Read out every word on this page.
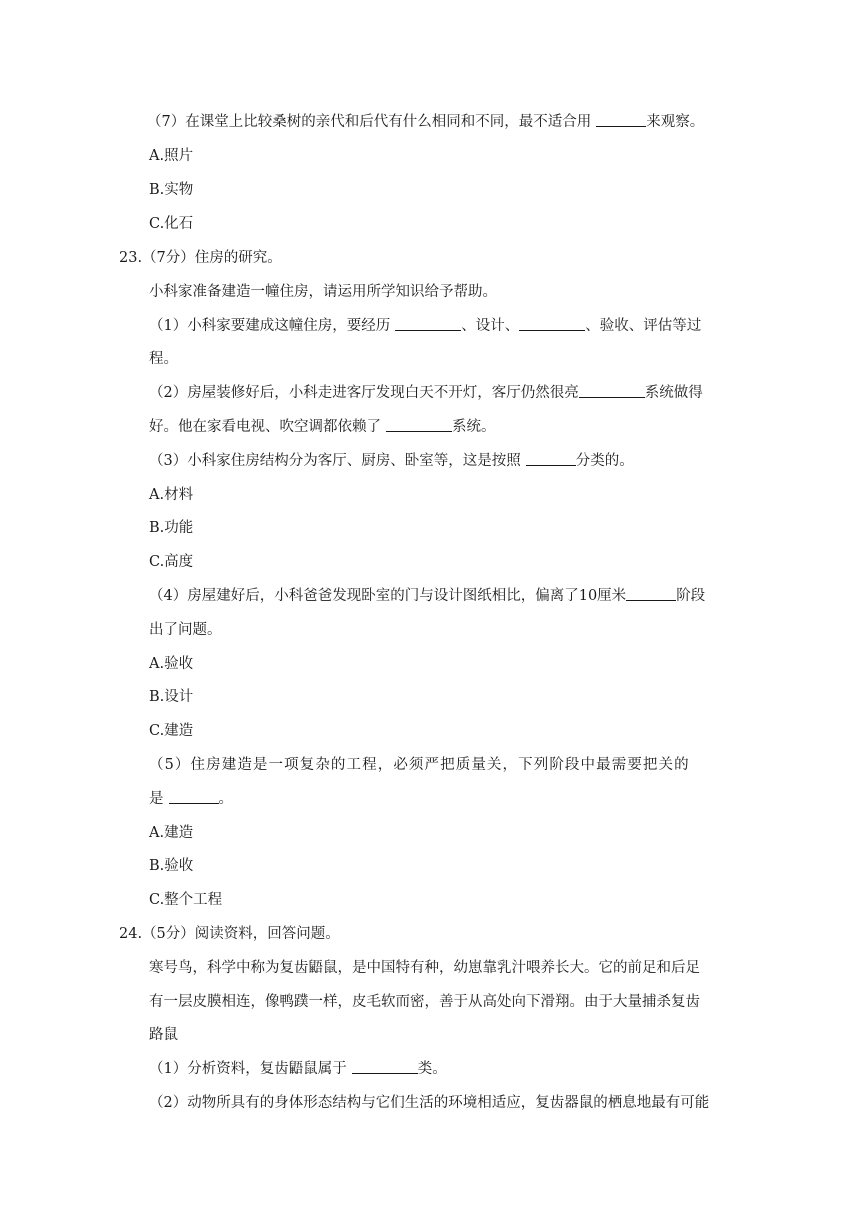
（7）在课堂上比较桑树的亲代和后代有什么相同和不同，最不适合用	来观察。
A.照片
B.实物
C.化石
23.（7分）住房的研究。
小科家准备建造一幢住房，请运用所学知识给予帮助。
（1）小科家要建成这幢住房，要经历	、设计、	、验收、评估等过
程。
（2）房屋装修好后，小科走进客厅发现白天不开灯，客厅仍然很亮	系统做得
好。他在家看电视、吹空调都依赖了	系统。
（3）小科家住房结构分为客厅、厨房、卧室等，这是按照	分类的。
A.材料
B.功能
C.高度
（4）房屋建好后，小科爸爸发现卧室的门与设计图纸相比，偏离了10厘米	阶段
出了问题。
A.验收
B.设计
C.建造
（5）住房建造是一项复杂的工程，必须严把质量关，下列阶段中最需要把关的
是	。
A.建造
B.验收
C.整个工程
24.（5分）阅读资料，回答问题。
寒号鸟，科学中称为复齿鼯鼠，是中国特有种，幼崽靠乳汁喂养长大。它的前足和后足
有一层皮膜相连，像鸭蹼一样，皮毛软而密，善于从高处向下滑翔。由于大量捕杀复齿
路鼠
（1）分析资料，复齿鼯鼠属于	类。
（2）动物所具有的身体形态结构与它们生活的环境相适应，复齿器鼠的栖息地最有可能
